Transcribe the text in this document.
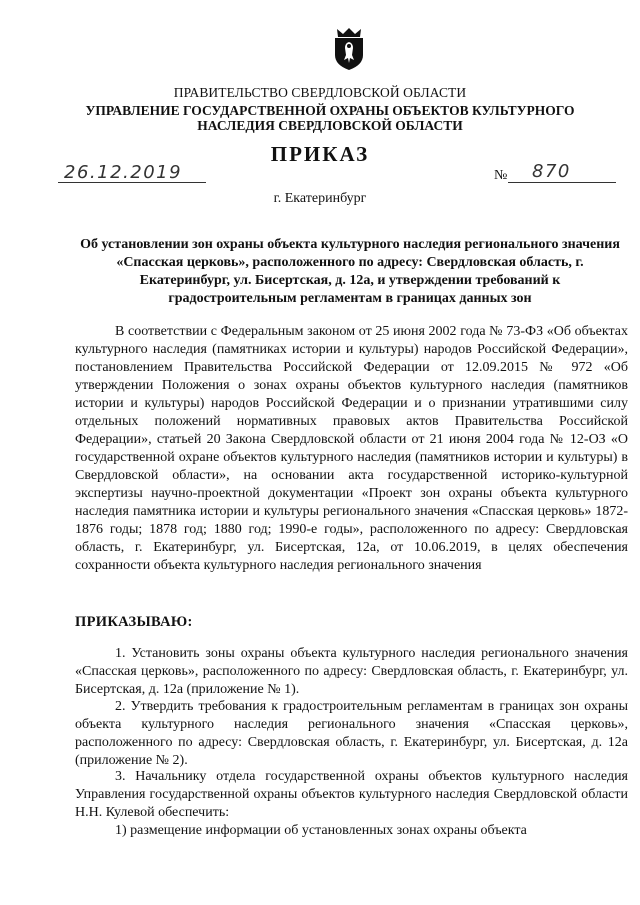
ПРАВИТЕЛЬСТВО СВЕРДЛОВСКОЙ ОБЛАСТИ
УПРАВЛЕНИЕ ГОСУДАРСТВЕННОЙ ОХРАНЫ ОБЪЕКТОВ КУЛЬТУРНОГО НАСЛЕДИЯ СВЕРДЛОВСКОЙ ОБЛАСТИ
ПРИКАЗ
26.12.2019	№ 870
г. Екатеринбург
Об установлении зон охраны объекта культурного наследия регионального значения «Спасская церковь», расположенного по адресу: Свердловская область, г. Екатеринбург, ул. Бисертская, д. 12а, и утверждении требований к градостроительным регламентам в границах данных зон

В соответствии с Федеральным законом от 25 июня 2002 года № 73-ФЗ «Об объектах культурного наследия (памятниках истории и культуры) народов Российской Федерации», постановлением Правительства Российской Федерации от 12.09.2015 № 972 «Об утверждении Положения о зонах охраны объектов культурного наследия (памятников истории и культуры) народов Российской Федерации и о признании утратившими силу отдельных положений нормативных правовых актов Правительства Российской Федерации», статьей 20 Закона Свердловской области от 21 июня 2004 года № 12-ОЗ «О государственной охране объектов культурного наследия (памятников истории и культуры) в Свердловской области», на основании акта государственной историко-культурной экспертизы научно-проектной документации «Проект зон охраны объекта культурного наследия памятника истории и культуры регионального значения «Спасская церковь» 1872-1876 годы; 1878 год; 1880 год; 1990-е годы», расположенного по адресу: Свердловская область, г. Екатеринбург, ул. Бисертская, 12а, от 10.06.2019, в целях обеспечения сохранности объекта культурного наследия регионального значения

ПРИКАЗЫВАЮ:

1. Установить зоны охраны объекта культурного наследия регионального значения «Спасская церковь», расположенного по адресу: Свердловская область, г. Екатеринбург, ул. Бисертская, д. 12а (приложение № 1).

2. Утвердить требования к градостроительным регламентам в границах зон охраны объекта культурного наследия регионального значения «Спасская церковь», расположенного по адресу: Свердловская область, г. Екатеринбург, ул. Бисертская, д. 12а (приложение № 2).

3. Начальнику отдела государственной охраны объектов культурного наследия Управления государственной охраны объектов культурного наследия Свердловской области Н.Н. Кулевой обеспечить:

1) размещение информации об установленных зонах охраны объекта
